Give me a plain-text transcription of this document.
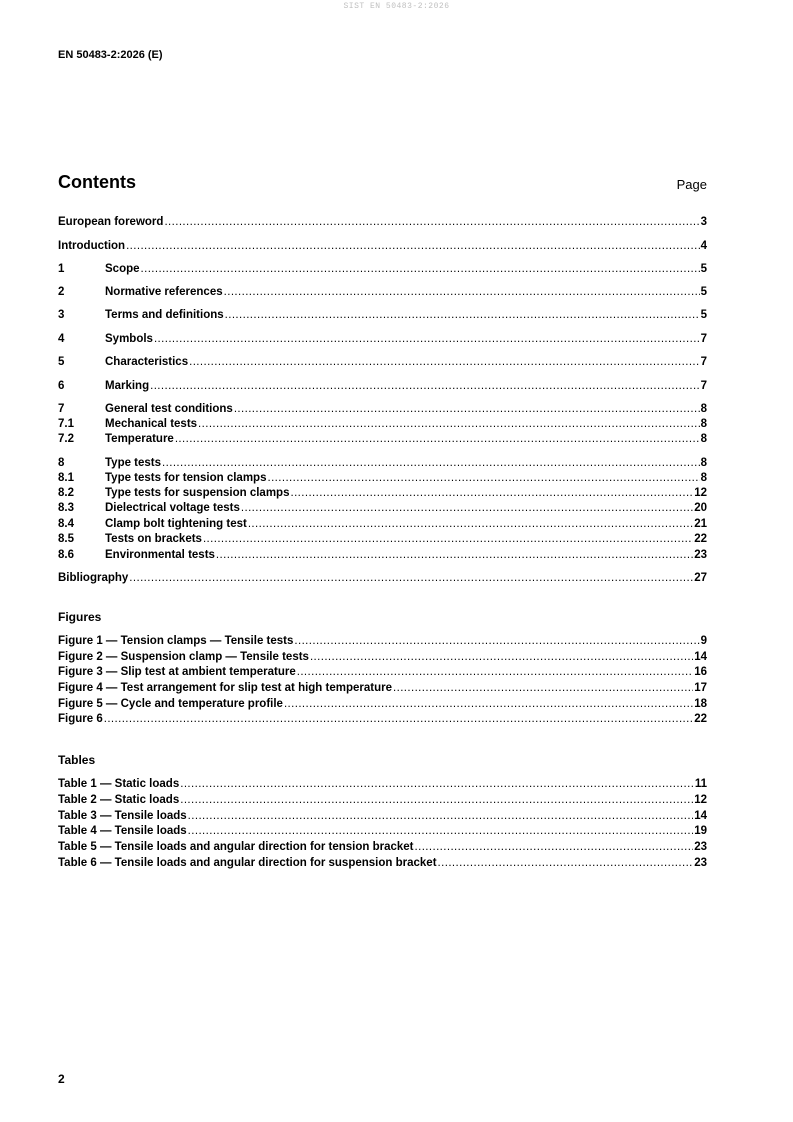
SIST EN 50483-2:2026
EN 50483-2:2026 (E)
Contents	Page
European foreword .....	3
Introduction .....	4
1	Scope .....	5
2	Normative references .....	5
3	Terms and definitions .....	5
4	Symbols .....	7
5	Characteristics .....	7
6	Marking .....	7
7	General test conditions .....	8
7.1	Mechanical tests .....	8
7.2	Temperature .....	8
8	Type tests .....	8
8.1	Type tests for tension clamps .....	8
8.2	Type tests for suspension clamps .....	12
8.3	Dielectrical voltage tests .....	20
8.4	Clamp bolt tightening test .....	21
8.5	Tests on brackets .....	22
8.6	Environmental tests .....	23
Bibliography .....	27
Figures
Figure 1 — Tension clamps — Tensile tests .....	9
Figure 2 — Suspension clamp — Tensile tests .....	14
Figure 3 — Slip test at ambient temperature .....	16
Figure 4 — Test arrangement for slip test at high temperature .....	17
Figure 5 — Cycle and temperature profile .....	18
Figure 6 .....	22
Tables
Table 1 — Static loads .....	11
Table 2 — Static loads .....	12
Table 3 — Tensile loads .....	14
Table 4 — Tensile loads .....	19
Table 5 — Tensile loads and angular direction for tension bracket .....	23
Table 6 — Tensile loads and angular direction for suspension bracket .....	23
2
